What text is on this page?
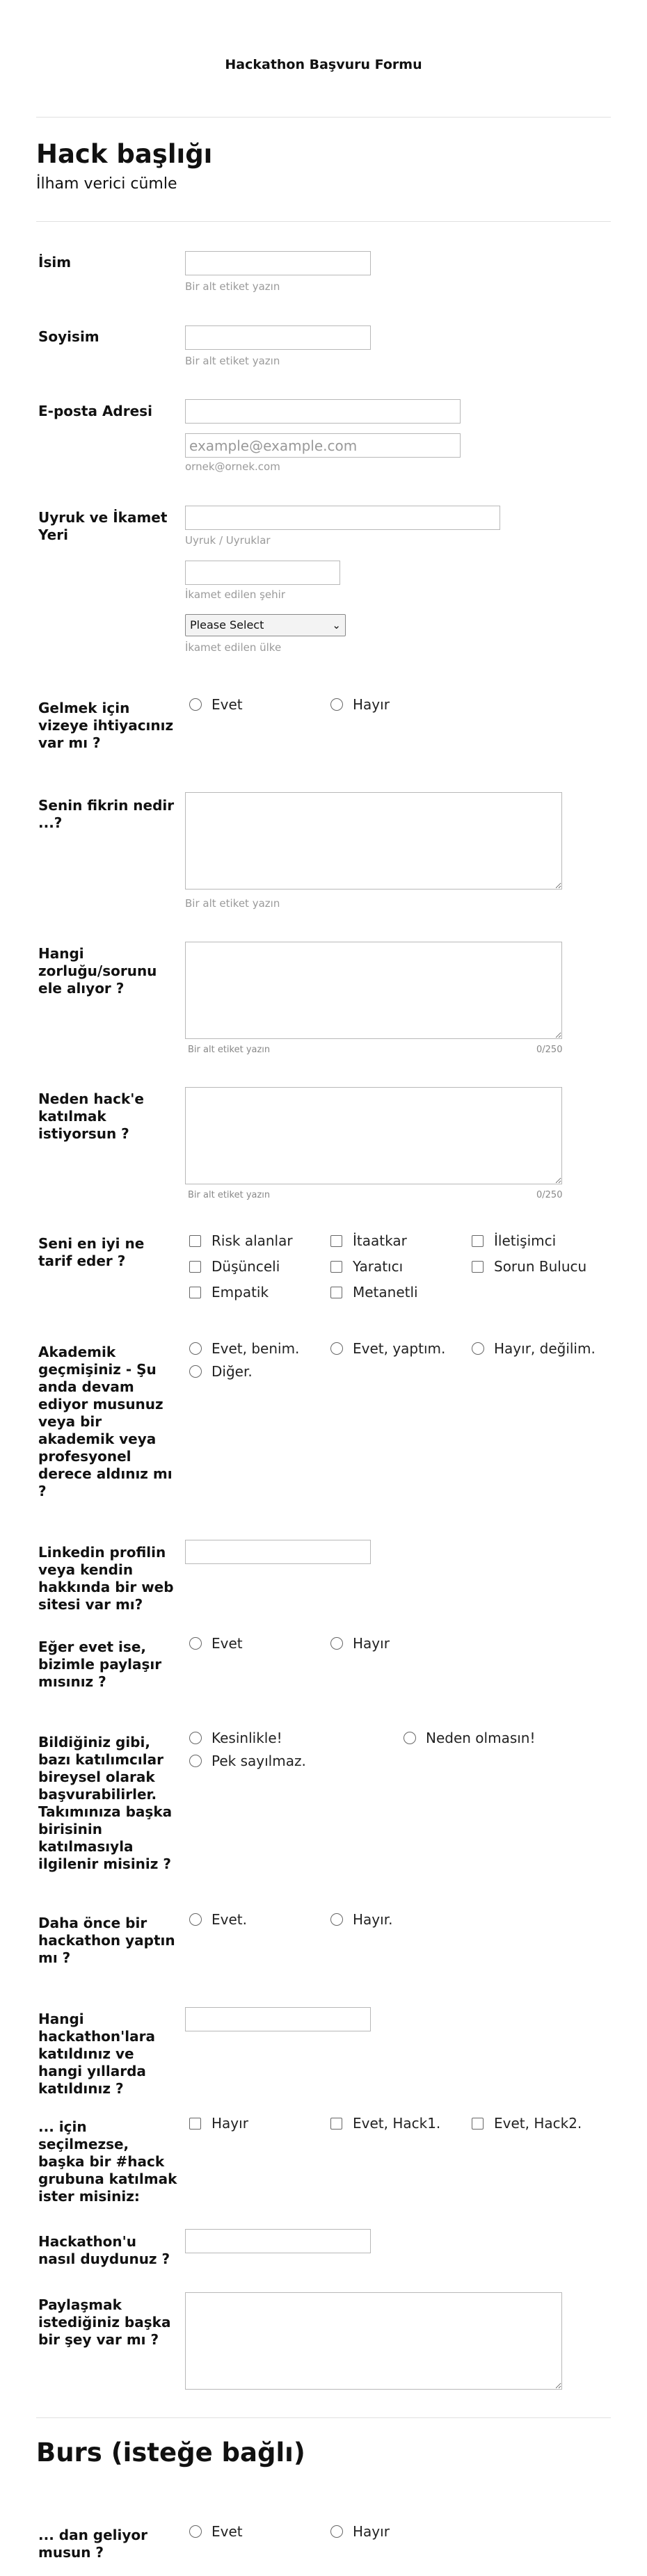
Hackathon Başvuru Formu
Hack başlığı
İlham verici cümle
İsim
Bir alt etiket yazın
Soyisim
Bir alt etiket yazın
E-posta Adresi
example@example.com
ornek@ornek.com
Uyruk ve İkamet Yeri	Uyruk / Uyruklar
İkamet edilen şehir
Please Select	⌄
İkamet edilen ülke
Gelmek için vizeye ihtiyacınız var mı ?
Evet	Hayır
Senin fikrin nedir ...?
Bir alt etiket yazın
Hangi zorluğu/sorunu ele alıyor ?
Bir alt etiket yazın	0/250
Neden hack'e katılmak istiyorsun ?
Bir alt etiket yazın	0/250
Seni en iyi ne tarif eder ?
Risk alanlar	İtaatkar	İletişimci
Düşünceli	Yaratıcı	Sorun Bulucu
Empatik	Metanetli
Akademik geçmişiniz - Şu anda devam ediyor musunuz veya bir akademik veya profesyonel derece aldınız mı ?
Evet, benim.	Evet, yaptım.	Hayır, değilim.
Diğer.
Linkedin profilin veya kendin hakkında bir web sitesi var mı?
Eğer evet ise, bizimle paylaşır mısınız ?
Evet	Hayır
Bildiğiniz gibi, bazı katılımcılar bireysel olarak başvurabilirler. Takımınıza başka birisinin katılmasıyla ilgilenir misiniz ?
Kesinlikle!	Neden olmasın!
Pek sayılmaz.
Daha önce bir hackathon yaptın mı ?
Evet.	Hayır.
Hangi hackathon'lara katıldınız ve hangi yıllarda katıldınız ?
... için seçilmezse, başka bir #hack grubuna katılmak ister misiniz:
Hayır	Evet, Hack1.	Evet, Hack2.
Hackathon'u nasıl duydunuz ?
Paylaşmak istediğiniz başka bir şey var mı ?
Burs (isteğe bağlı)
... dan geliyor musun ?
Evet	Hayır
